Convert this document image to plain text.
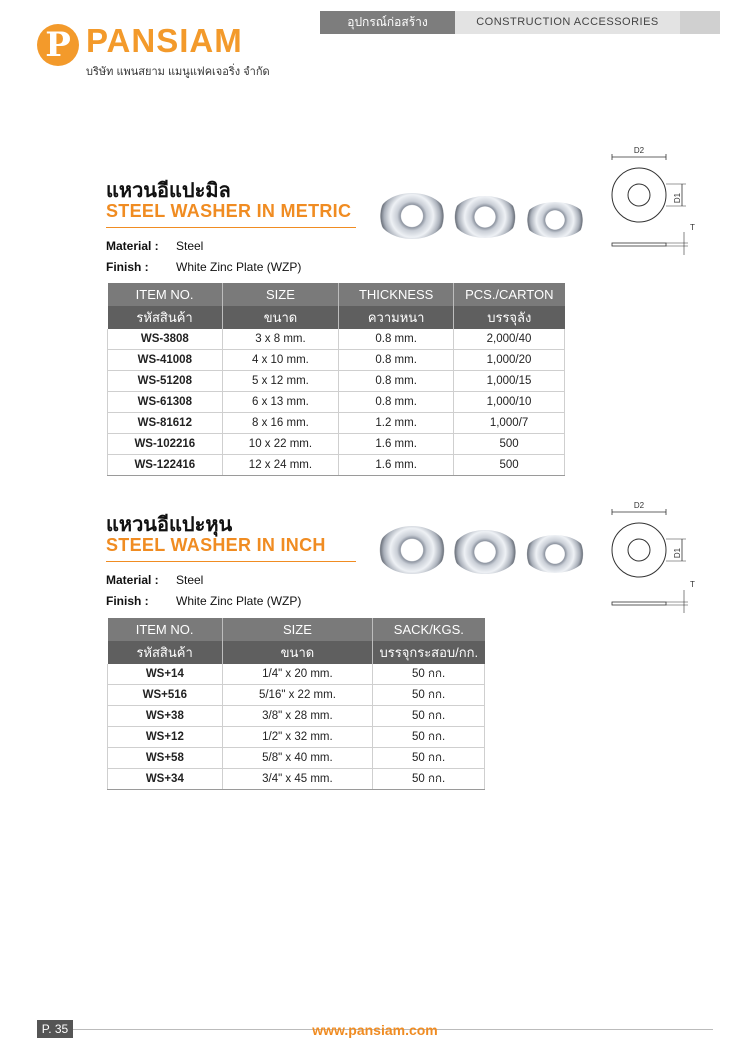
P PANSIAM
บริษัท แพนสยาม แมนูแฟคเจอริ่ง จำกัด
อุปกรณ์ก่อสร้าง	CONSTRUCTION ACCESSORIES
แหวนอีแปะมิล
STEEL WASHER IN METRIC
D2
D1
T
Material : Steel
Finish : White Zinc Plate (WZP)
ITEM NO.	SIZE	THICKNESS	PCS./CARTON
รหัสสินค้า	ขนาด	ความหนา	บรรจุลัง
WS-3808	3 x 8 mm.	0.8 mm.	2,000/40
WS-41008	4 x 10 mm.	0.8 mm.	1,000/20
WS-51208	5 x 12 mm.	0.8 mm.	1,000/15
WS-61308	6 x 13 mm.	0.8 mm.	1,000/10
WS-81612	8 x 16 mm.	1.2 mm.	1,000/7
WS-102216	10 x 22 mm.	1.6 mm.	500
WS-122416	12 x 24 mm.	1.6 mm.	500
แหวนอีแปะหุน
STEEL WASHER IN INCH
D2
D1
T
Material : Steel
Finish : White Zinc Plate (WZP)
ITEM NO.	SIZE	SACK/KGS.
รหัสสินค้า	ขนาด	บรรจุกระสอบ/กก.
WS+14	1/4" x 20 mm.	50 กก.
WS+516	5/16" x 22 mm.	50 กก.
WS+38	3/8" x 28 mm.	50 กก.
WS+12	1/2" x 32 mm.	50 กก.
WS+58	5/8" x 40 mm.	50 กก.
WS+34	3/4" x 45 mm.	50 กก.
P. 35	www.pansiam.com
